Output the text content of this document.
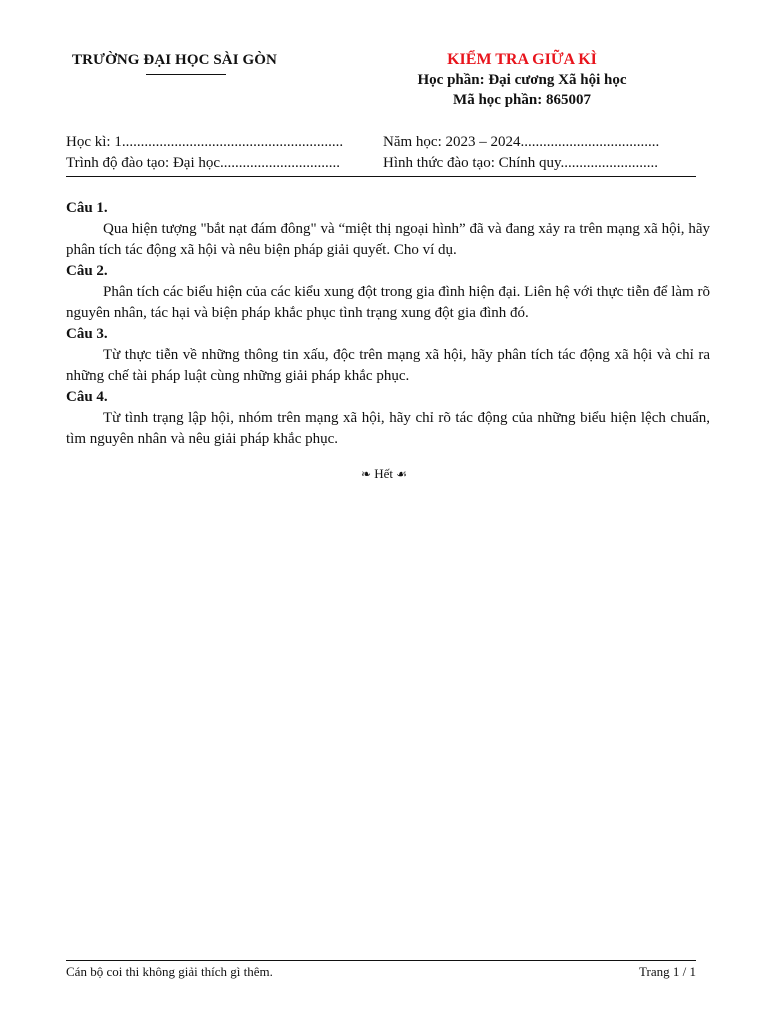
TRƯỜNG ĐẠI HỌC SÀI GÒN	KIỂM TRA GIỮA KÌ
Học phần: Đại cương Xã hội học
Mã học phần: 865007
Học kì: 1...........................................................	Năm học: 2023 – 2024.....................................
Trình độ đào tạo: Đại học................................	Hình thức đào tạo: Chính quy..........................

Câu 1.

Qua hiện tượng "bắt nạt đám đông" và “miệt thị ngoại hình” đã và đang xảy ra trên mạng xã hội, hãy phân tích tác động xã hội và nêu biện pháp giải quyết. Cho ví dụ.

Câu 2.

Phân tích các biểu hiện của các kiểu xung đột trong gia đình hiện đại. Liên hệ với thực tiễn để làm rõ nguyên nhân, tác hại và biện pháp khắc phục tình trạng xung đột gia đình đó.

Câu 3.

Từ thực tiễn về những thông tin xấu, độc trên mạng xã hội, hãy phân tích tác động xã hội và chỉ ra những chế tài pháp luật cùng những giải pháp khắc phục.

Câu 4.

Từ tình trạng lập hội, nhóm trên mạng xã hội, hãy chỉ rõ tác động của những biểu hiện lệch chuẩn, tìm nguyên nhân và nêu giải pháp khắc phục.

❧ Hết ☙
Cán bộ coi thi không giải thích gì thêm.	Trang 1 / 1
